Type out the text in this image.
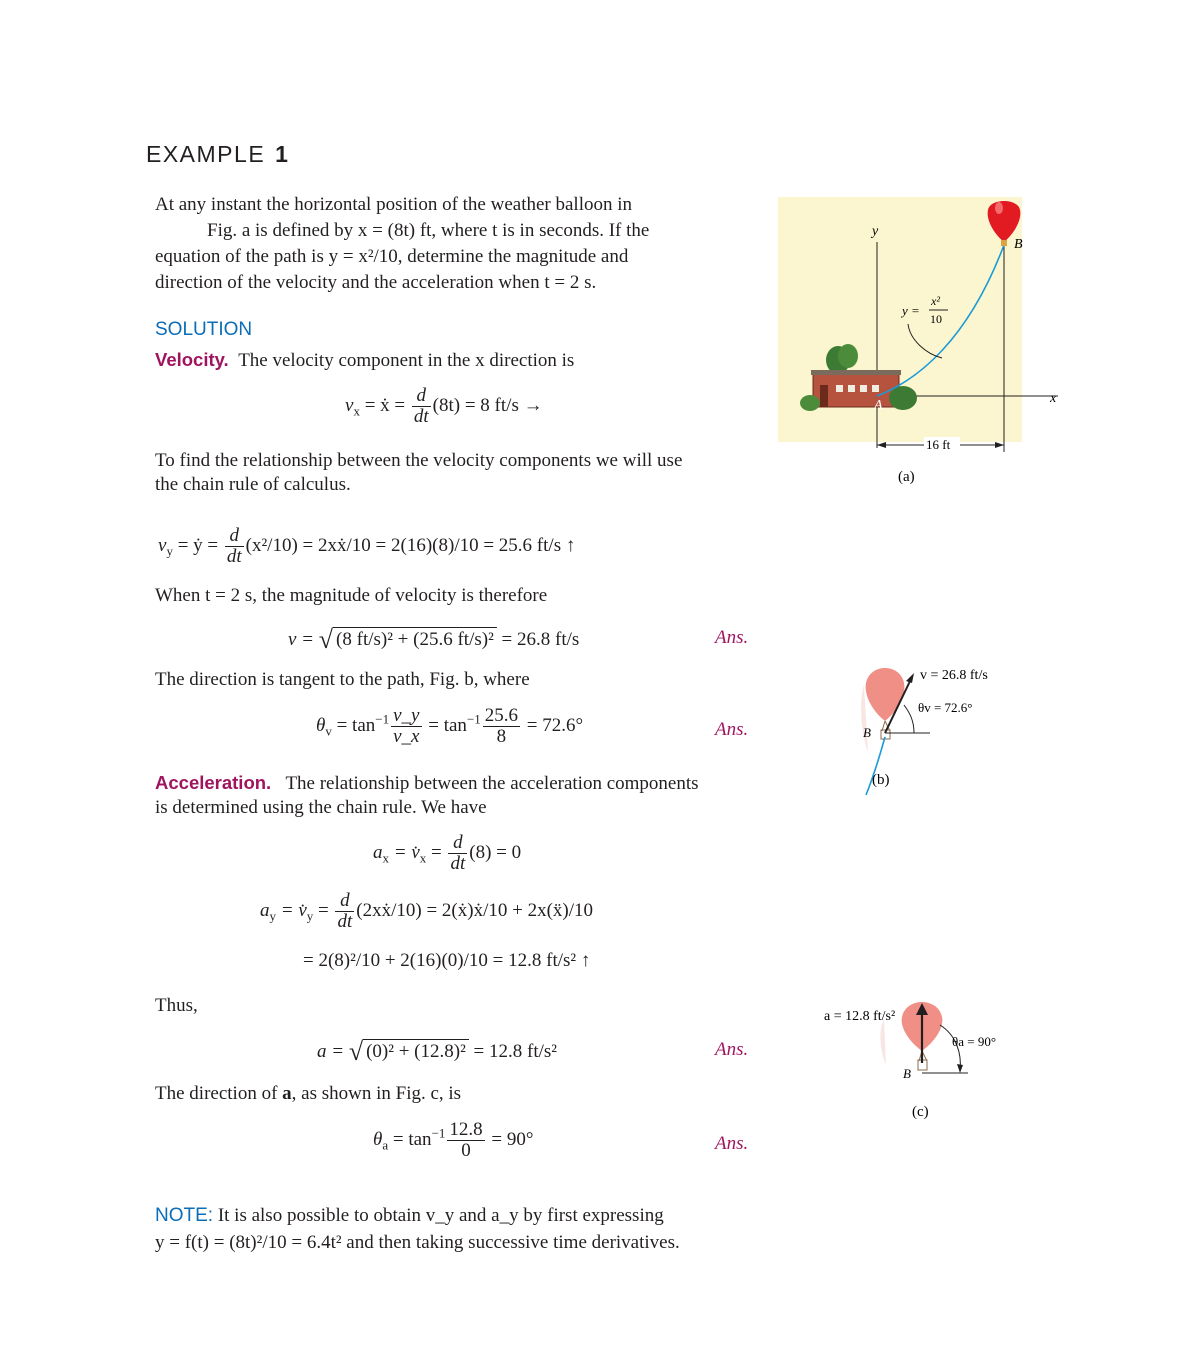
EXAMPLE 1
At any instant the horizontal position of the weather balloon in
Fig. a is defined by x = (8t) ft, where t is in seconds. If the
equation of the path is y = x²/10, determine the magnitude and
direction of the velocity and the acceleration when t = 2 s.
SOLUTION
Velocity. The velocity component in the x direction is
$v_x$ = ẋ = $\frac{d}{dt} (8t) = 8$ ft/s →
To find the relationship between the velocity components we will use
the chain rule of calculus.
$v_y$ = ẏ = $\frac{d}{dt} (x^2/10)$ = 2xẋ/10 = 2(16)(8)/10 = 25.6 ft/s ↑
When t = 2 s, the magnitude of velocity is therefore
v = √ (8 ft/s)² + (25.6 ft/s)² = 26.8 ft/s	Ans.
The direction is tangent to the path, Fig. b, where
$\theta_v = \tan^{-1} \frac{v\_y}{v\_x} = \tan^{-1} \frac{25.6}{8} = 72.6^\circ$	Ans.
Acceleration. The relationship between the acceleration components
is determined using the chain rule. We have
$a_x$ = $v̇_x = \frac{d}{dt} (8) = 0$
$a_y$ = $v̇_y = \frac{d}{dt}$ (2xẋ/10) = 2(ẋ)ẋ/10 + 2x(ẍ)/10
= 2(8)²/10 + 2(16)(0)/10 = 12.8 ft/s² ↑
Thus,
a = √ (0)² + (12.8)² = 12.8 ft/s²	Ans.
The direction of a, as shown in Fig. c, is
$\theta_a = \tan^{-1} \frac{12.8}{0} = 90^\circ$	Ans.
NOTE: It is also possible to obtain v_y and a_y by first expressing
y = f(t) = (8t)²/10 = 6.4t² and then taking successive time derivatives.
y
x
A
B
y =
x²
10
16 ft
(a)
v = 26.8 ft/s
θv = 72.6°
B
(b)
a = 12.8 ft/s²
θa = 90°
B
(c)
